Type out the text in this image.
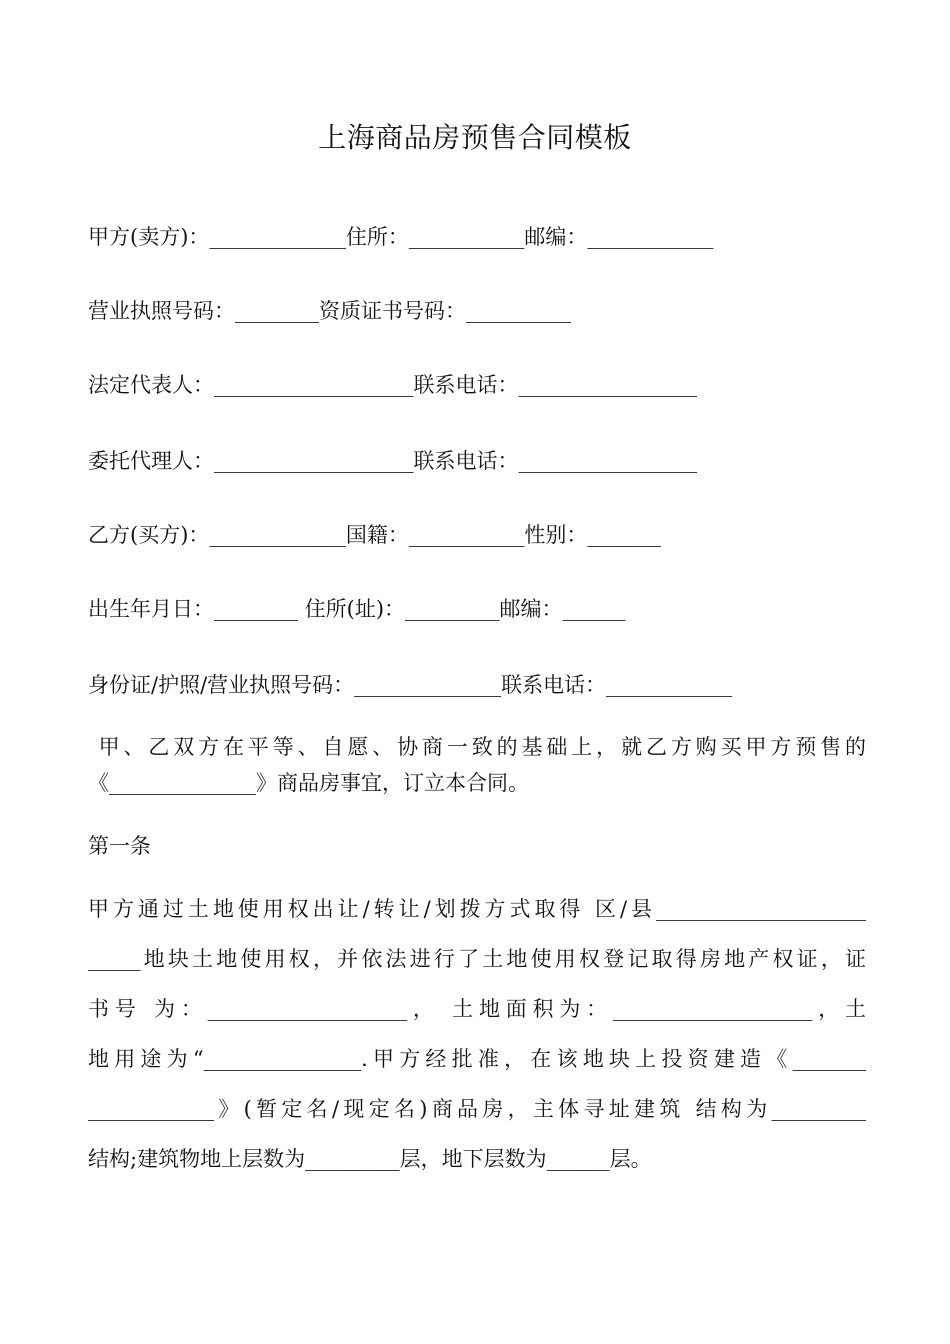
上海商品房预售合同模板
甲方(卖方)：_____________住所：___________邮编：____________
营业执照号码：________资质证书号码：__________
法定代表人：___________________联系电话：_________________
委托代理人：___________________联系电话：_________________
乙方(买方)：_____________国籍：___________性别：_______
出生年月日：________ 住所(址)：_________邮编：______
身份证/护照/营业执照号码：______________联系电话：____________
甲、乙双方在平等、自愿、协商一致的基础上，就乙方购买甲方预售的
《______________》商品房事宜，订立本合同。
第一条
甲方通过土地使用权出让/转让/划拨方式取得 区/县____________________
_____地块土地使用权，并依法进行了土地使用权登记取得房地产权证，证
书号 为：___________________， 土地面积为：___________________，土
地用途为“_______________.甲方经批准，在该地块上投资建造《_______
____________》(暂定名/现定名)商品房，主体寻址建筑 结构为_________
结构;建筑物地上层数为_________层，地下层数为______层。
